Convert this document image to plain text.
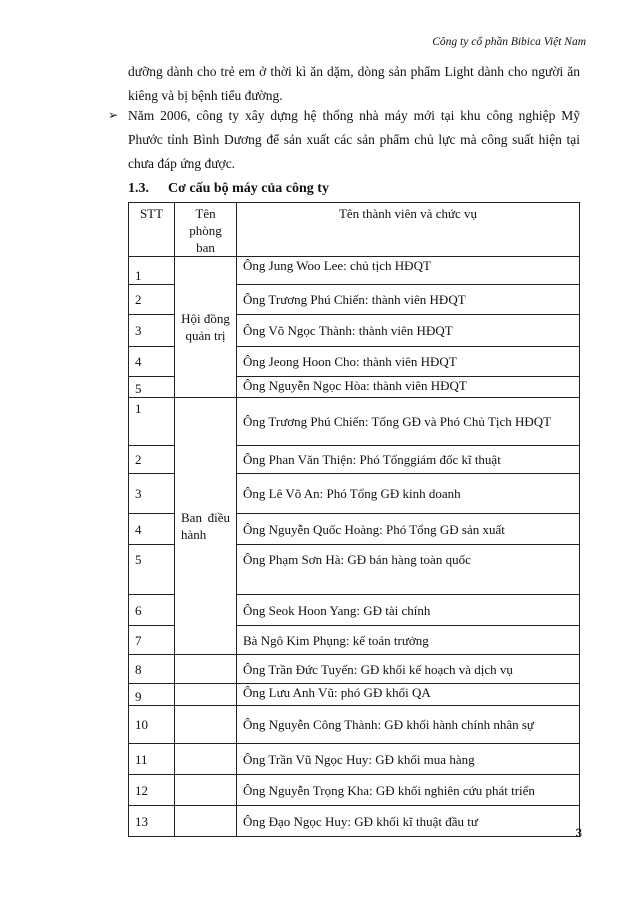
Công ty cổ phần Bibica Việt Nam
dưỡng dành cho trẻ em ở thời kì ăn dặm, dòng sản phẩm Light dành cho người ăn kiêng và bị bệnh tiểu đường.
➢ Năm 2006, công ty xây dựng hệ thống nhà máy mới tại khu công nghiệp Mỹ Phước tỉnh Bình Dương để sản xuất các sản phẩm chủ lực mà công suất hiện tại chưa đáp ứng được.
1.3. Cơ cấu bộ máy của công ty
STT	Tên phòng ban	Tên thành viên và chức vụ
1	Hội đồng quản trị	Ông Jung Woo Lee: chủ tịch HĐQT
2		Ông Trương Phú Chiến: thành viên HĐQT
3		Ông Võ Ngọc Thành: thành viên HĐQT
4		Ông Jeong Hoon Cho: thành viên HĐQT
5		Ông Nguyễn Ngọc Hòa: thành viên HĐQT
1	Ban điều hành	Ông Trương Phú Chiến: Tổng GĐ và Phó Chủ Tịch HĐQT
2		Ông Phan Văn Thiện: Phó Tổnggiám đốc kĩ thuật
3		Ông Lê Võ An: Phó Tổng GĐ kinh doanh
4		Ông Nguyễn Quốc Hoàng: Phó Tổng GĐ sản xuất
5		Ông Phạm Sơn Hà: GĐ bán hàng toàn quốc
6		Ông Seok Hoon Yang: GĐ tài chính
7		Bà Ngô Kim Phụng: kế toán trưởng
8		Ông Trần Đức Tuyến: GĐ khối kế hoạch và dịch vụ
9		Ông Lưu Anh Vũ: phó GĐ khối QA
10		Ông Nguyễn Công Thành: GĐ khối hành chính nhân sự
11		Ông Trần Vũ Ngọc Huy: GĐ khối mua hàng
12		Ông Nguyễn Trọng Kha: GĐ khối nghiên cứu phát triển
13		Ông Đạo Ngọc Huy: GĐ khối kĩ thuật đầu tư
3
